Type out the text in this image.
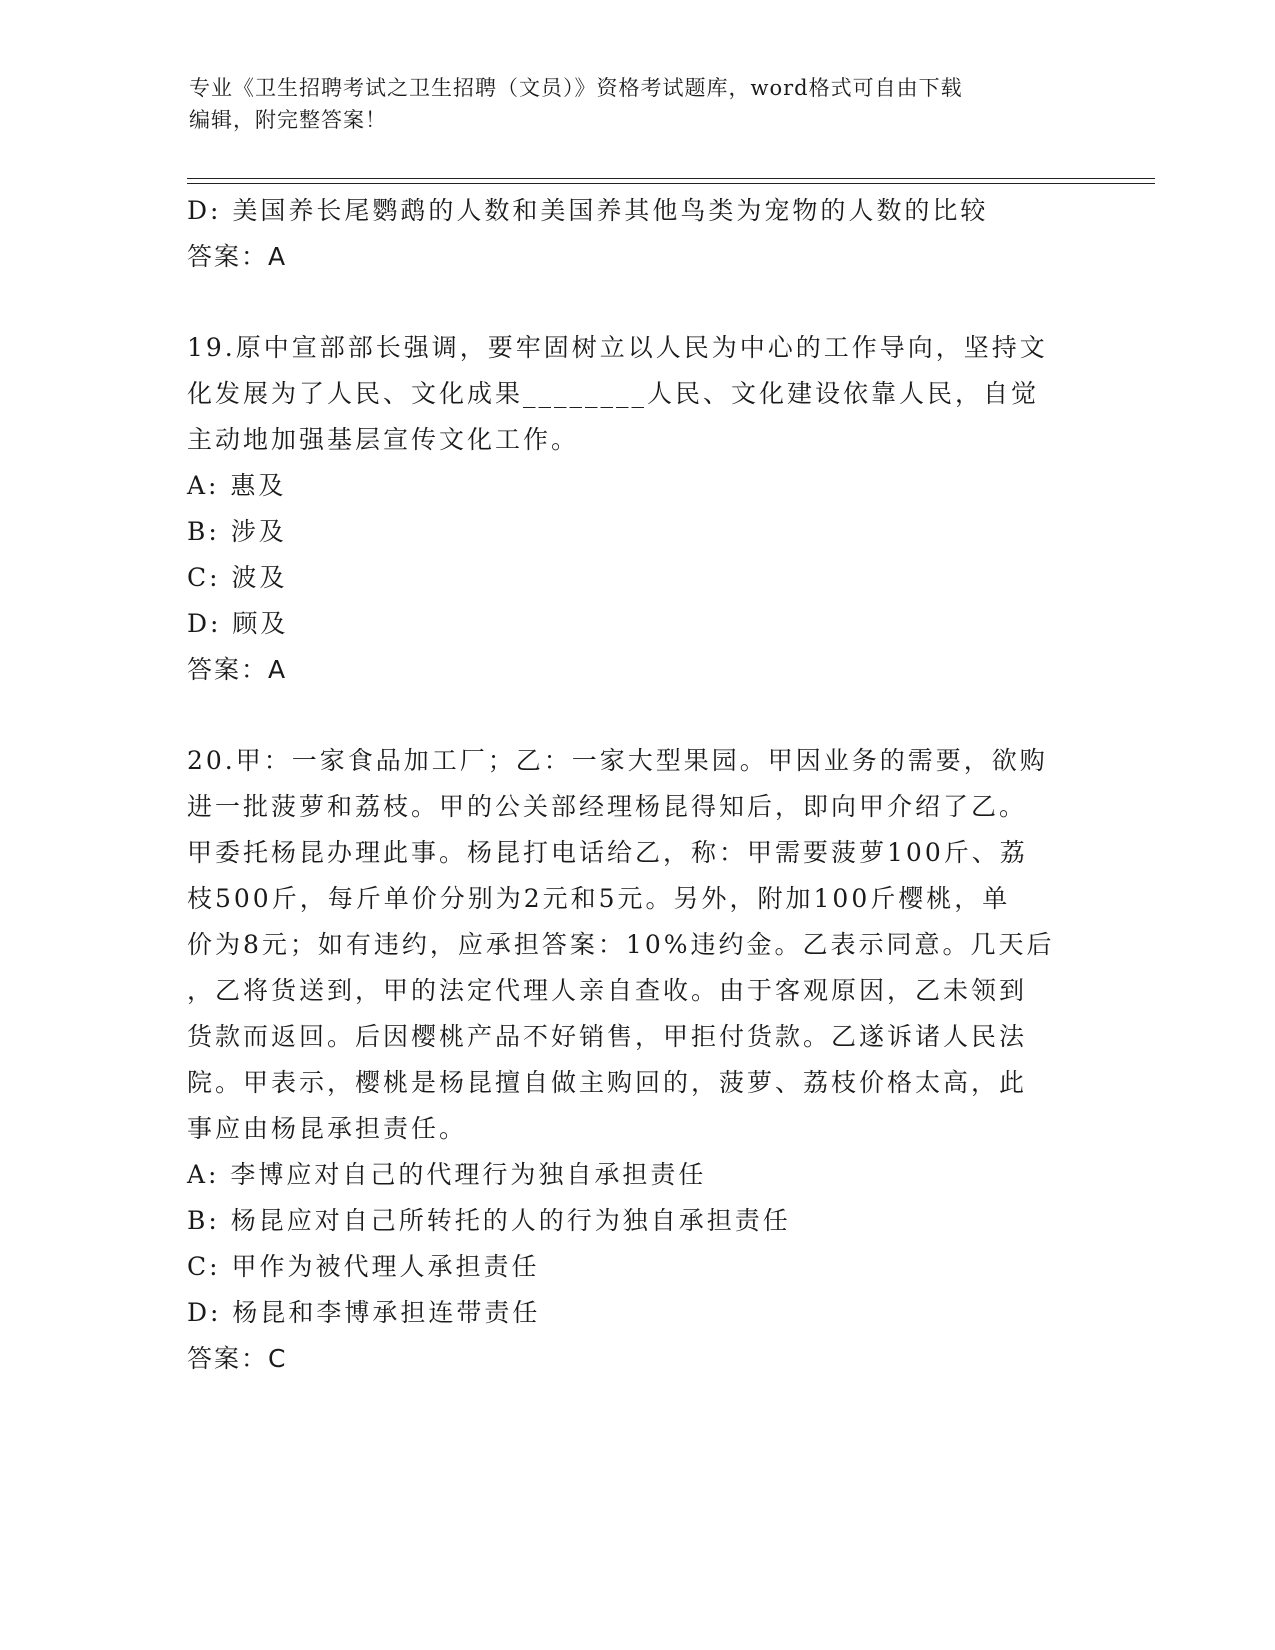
专业《卫生招聘考试之卫生招聘（文员）》资格考试题库，word格式可自由下载
编辑，附完整答案！
D: 美国养长尾鹦鹉的人数和美国养其他鸟类为宠物的人数的比较
答案：A
19.原中宣部部长强调，要牢固树立以人民为中心的工作导向，坚持文
化发展为了人民、文化成果________人民、文化建设依靠人民，自觉
主动地加强基层宣传文化工作。
A: 惠及
B: 涉及
C: 波及
D: 顾及
答案：A
20.甲：一家食品加工厂；乙：一家大型果园。甲因业务的需要，欲购
进一批菠萝和荔枝。甲的公关部经理杨昆得知后，即向甲介绍了乙。
甲委托杨昆办理此事。杨昆打电话给乙，称：甲需要菠萝100斤、荔
枝500斤，每斤单价分别为2元和5元。另外，附加100斤樱桃，单
价为8元；如有违约，应承担答案：10%违约金。乙表示同意。几天后
，乙将货送到，甲的法定代理人亲自查收。由于客观原因，乙未领到
货款而返回。后因樱桃产品不好销售，甲拒付货款。乙遂诉诸人民法
院。甲表示，樱桃是杨昆擅自做主购回的，菠萝、荔枝价格太高，此
事应由杨昆承担责任。
A: 李博应对自己的代理行为独自承担责任
B: 杨昆应对自己所转托的人的行为独自承担责任
C: 甲作为被代理人承担责任
D: 杨昆和李博承担连带责任
答案：C
